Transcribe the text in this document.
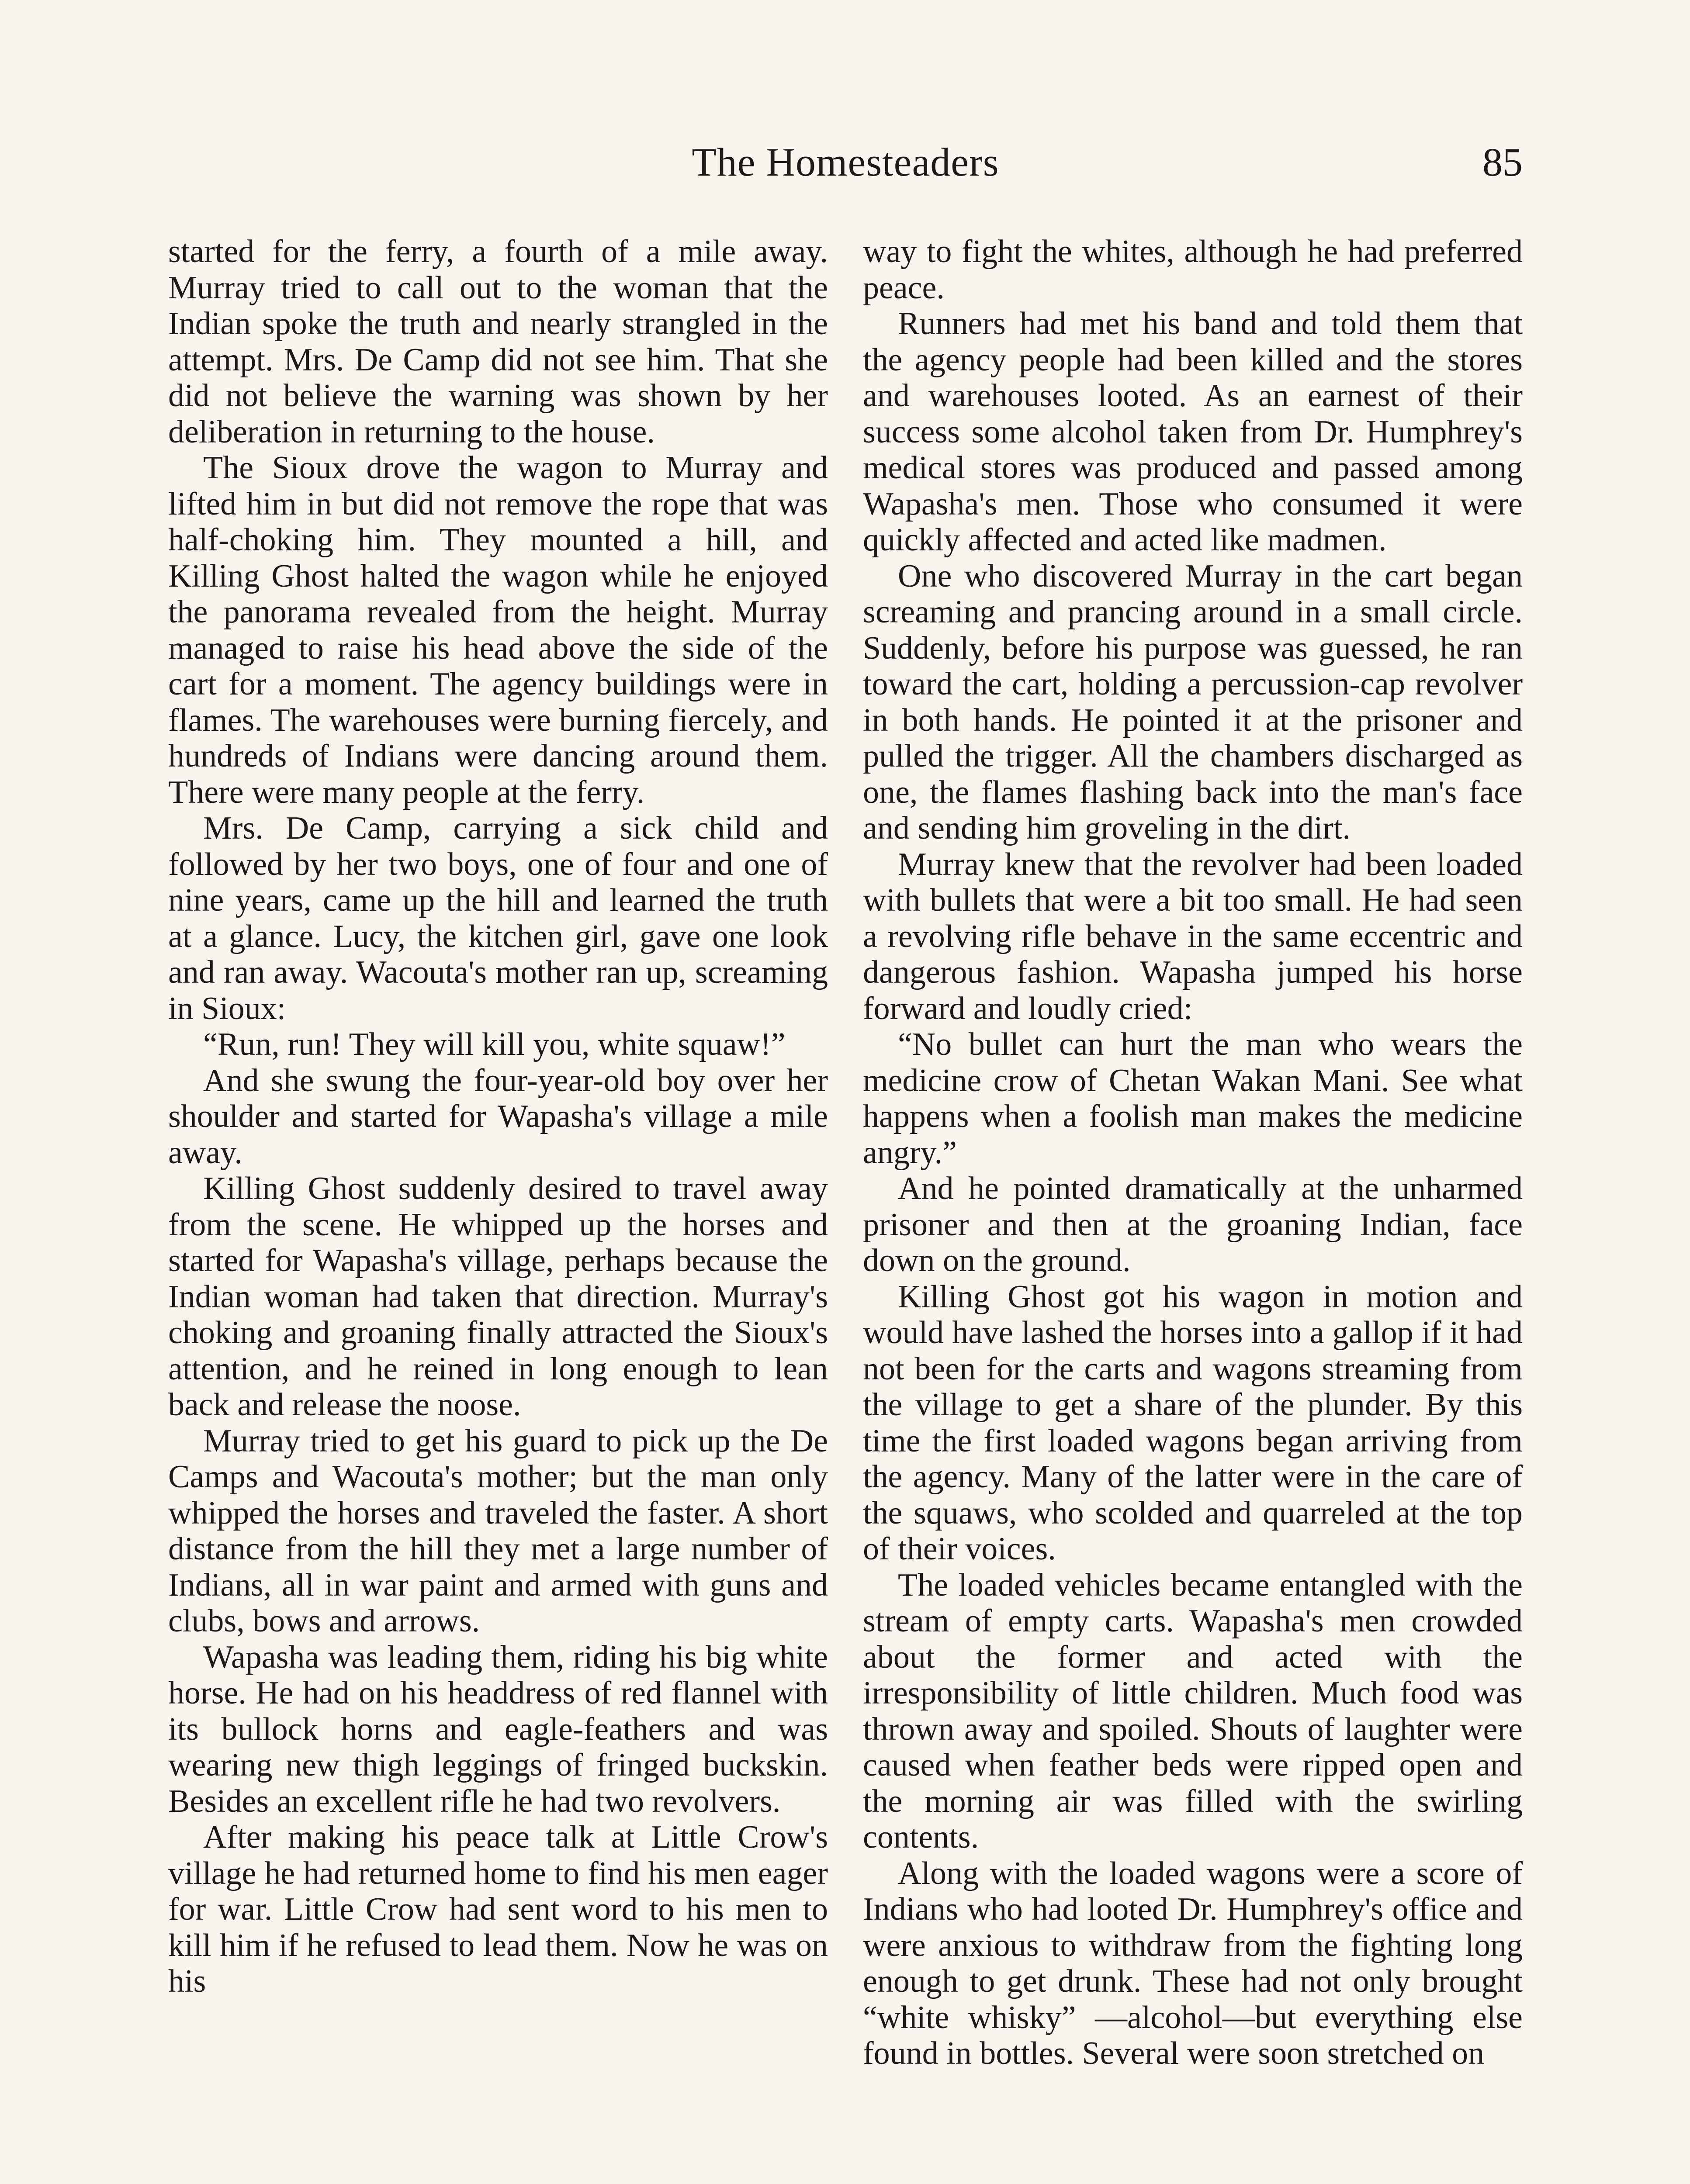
The Homesteaders	85

started for the ferry, a fourth of a mile away. Murray tried to call out to the woman that the Indian spoke the truth and nearly strangled in the attempt. Mrs. De Camp did not see him. That she did not believe the warning was shown by her deliberation in returning to the house.

The Sioux drove the wagon to Murray and lifted him in but did not remove the rope that was half-choking him. They mounted a hill, and Killing Ghost halted the wagon while he enjoyed the panorama revealed from the height. Murray managed to raise his head above the side of the cart for a moment. The agency buildings were in flames. The warehouses were burning fiercely, and hundreds of Indians were dancing around them. There were many people at the ferry.

Mrs. De Camp, carrying a sick child and followed by her two boys, one of four and one of nine years, came up the hill and learned the truth at a glance. Lucy, the kitchen girl, gave one look and ran away. Wacouta's mother ran up, screaming in Sioux:

“Run, run! They will kill you, white squaw!”

And she swung the four-year-old boy over her shoulder and started for Wapasha's village a mile away.

Killing Ghost suddenly desired to travel away from the scene. He whipped up the horses and started for Wapasha's village, perhaps because the Indian woman had taken that direction. Murray's choking and groaning finally attracted the Sioux's attention, and he reined in long enough to lean back and release the noose.

Murray tried to get his guard to pick up the De Camps and Wacouta's mother; but the man only whipped the horses and traveled the faster. A short distance from the hill they met a large number of Indians, all in war paint and armed with guns and clubs, bows and arrows.

Wapasha was leading them, riding his big white horse. He had on his headdress of red flannel with its bullock horns and eagle-feathers and was wearing new thigh leggings of fringed buckskin. Besides an excellent rifle he had two revolvers.

After making his peace talk at Little Crow's village he had returned home to find his men eager for war. Little Crow had sent word to his men to kill him if he refused to lead them. Now he was on his

way to fight the whites, although he had preferred peace.

Runners had met his band and told them that the agency people had been killed and the stores and warehouses looted. As an earnest of their success some alcohol taken from Dr. Humphrey's medical stores was produced and passed among Wapasha's men. Those who consumed it were quickly affected and acted like madmen.

One who discovered Murray in the cart began screaming and prancing around in a small circle. Suddenly, before his purpose was guessed, he ran toward the cart, holding a percussion-cap revolver in both hands. He pointed it at the prisoner and pulled the trigger. All the chambers discharged as one, the flames flashing back into the man's face and sending him groveling in the dirt.

Murray knew that the revolver had been loaded with bullets that were a bit too small. He had seen a revolving rifle behave in the same eccentric and dangerous fashion. Wapasha jumped his horse forward and loudly cried:

“No bullet can hurt the man who wears the medicine crow of Chetan Wakan Mani. See what happens when a foolish man makes the medicine angry.”

And he pointed dramatically at the unharmed prisoner and then at the groaning Indian, face down on the ground.

Killing Ghost got his wagon in motion and would have lashed the horses into a gallop if it had not been for the carts and wagons streaming from the village to get a share of the plunder. By this time the first loaded wagons began arriving from the agency. Many of the latter were in the care of the squaws, who scolded and quarreled at the top of their voices.

The loaded vehicles became entangled with the stream of empty carts. Wapasha's men crowded about the former and acted with the irresponsibility of little children. Much food was thrown away and spoiled. Shouts of laughter were caused when feather beds were ripped open and the morning air was filled with the swirling contents.

Along with the loaded wagons were a score of Indians who had looted Dr. Humphrey's office and were anxious to withdraw from the fighting long enough to get drunk. These had not only brought “white whisky” —alcohol—but everything else found in bottles. Several were soon stretched on
